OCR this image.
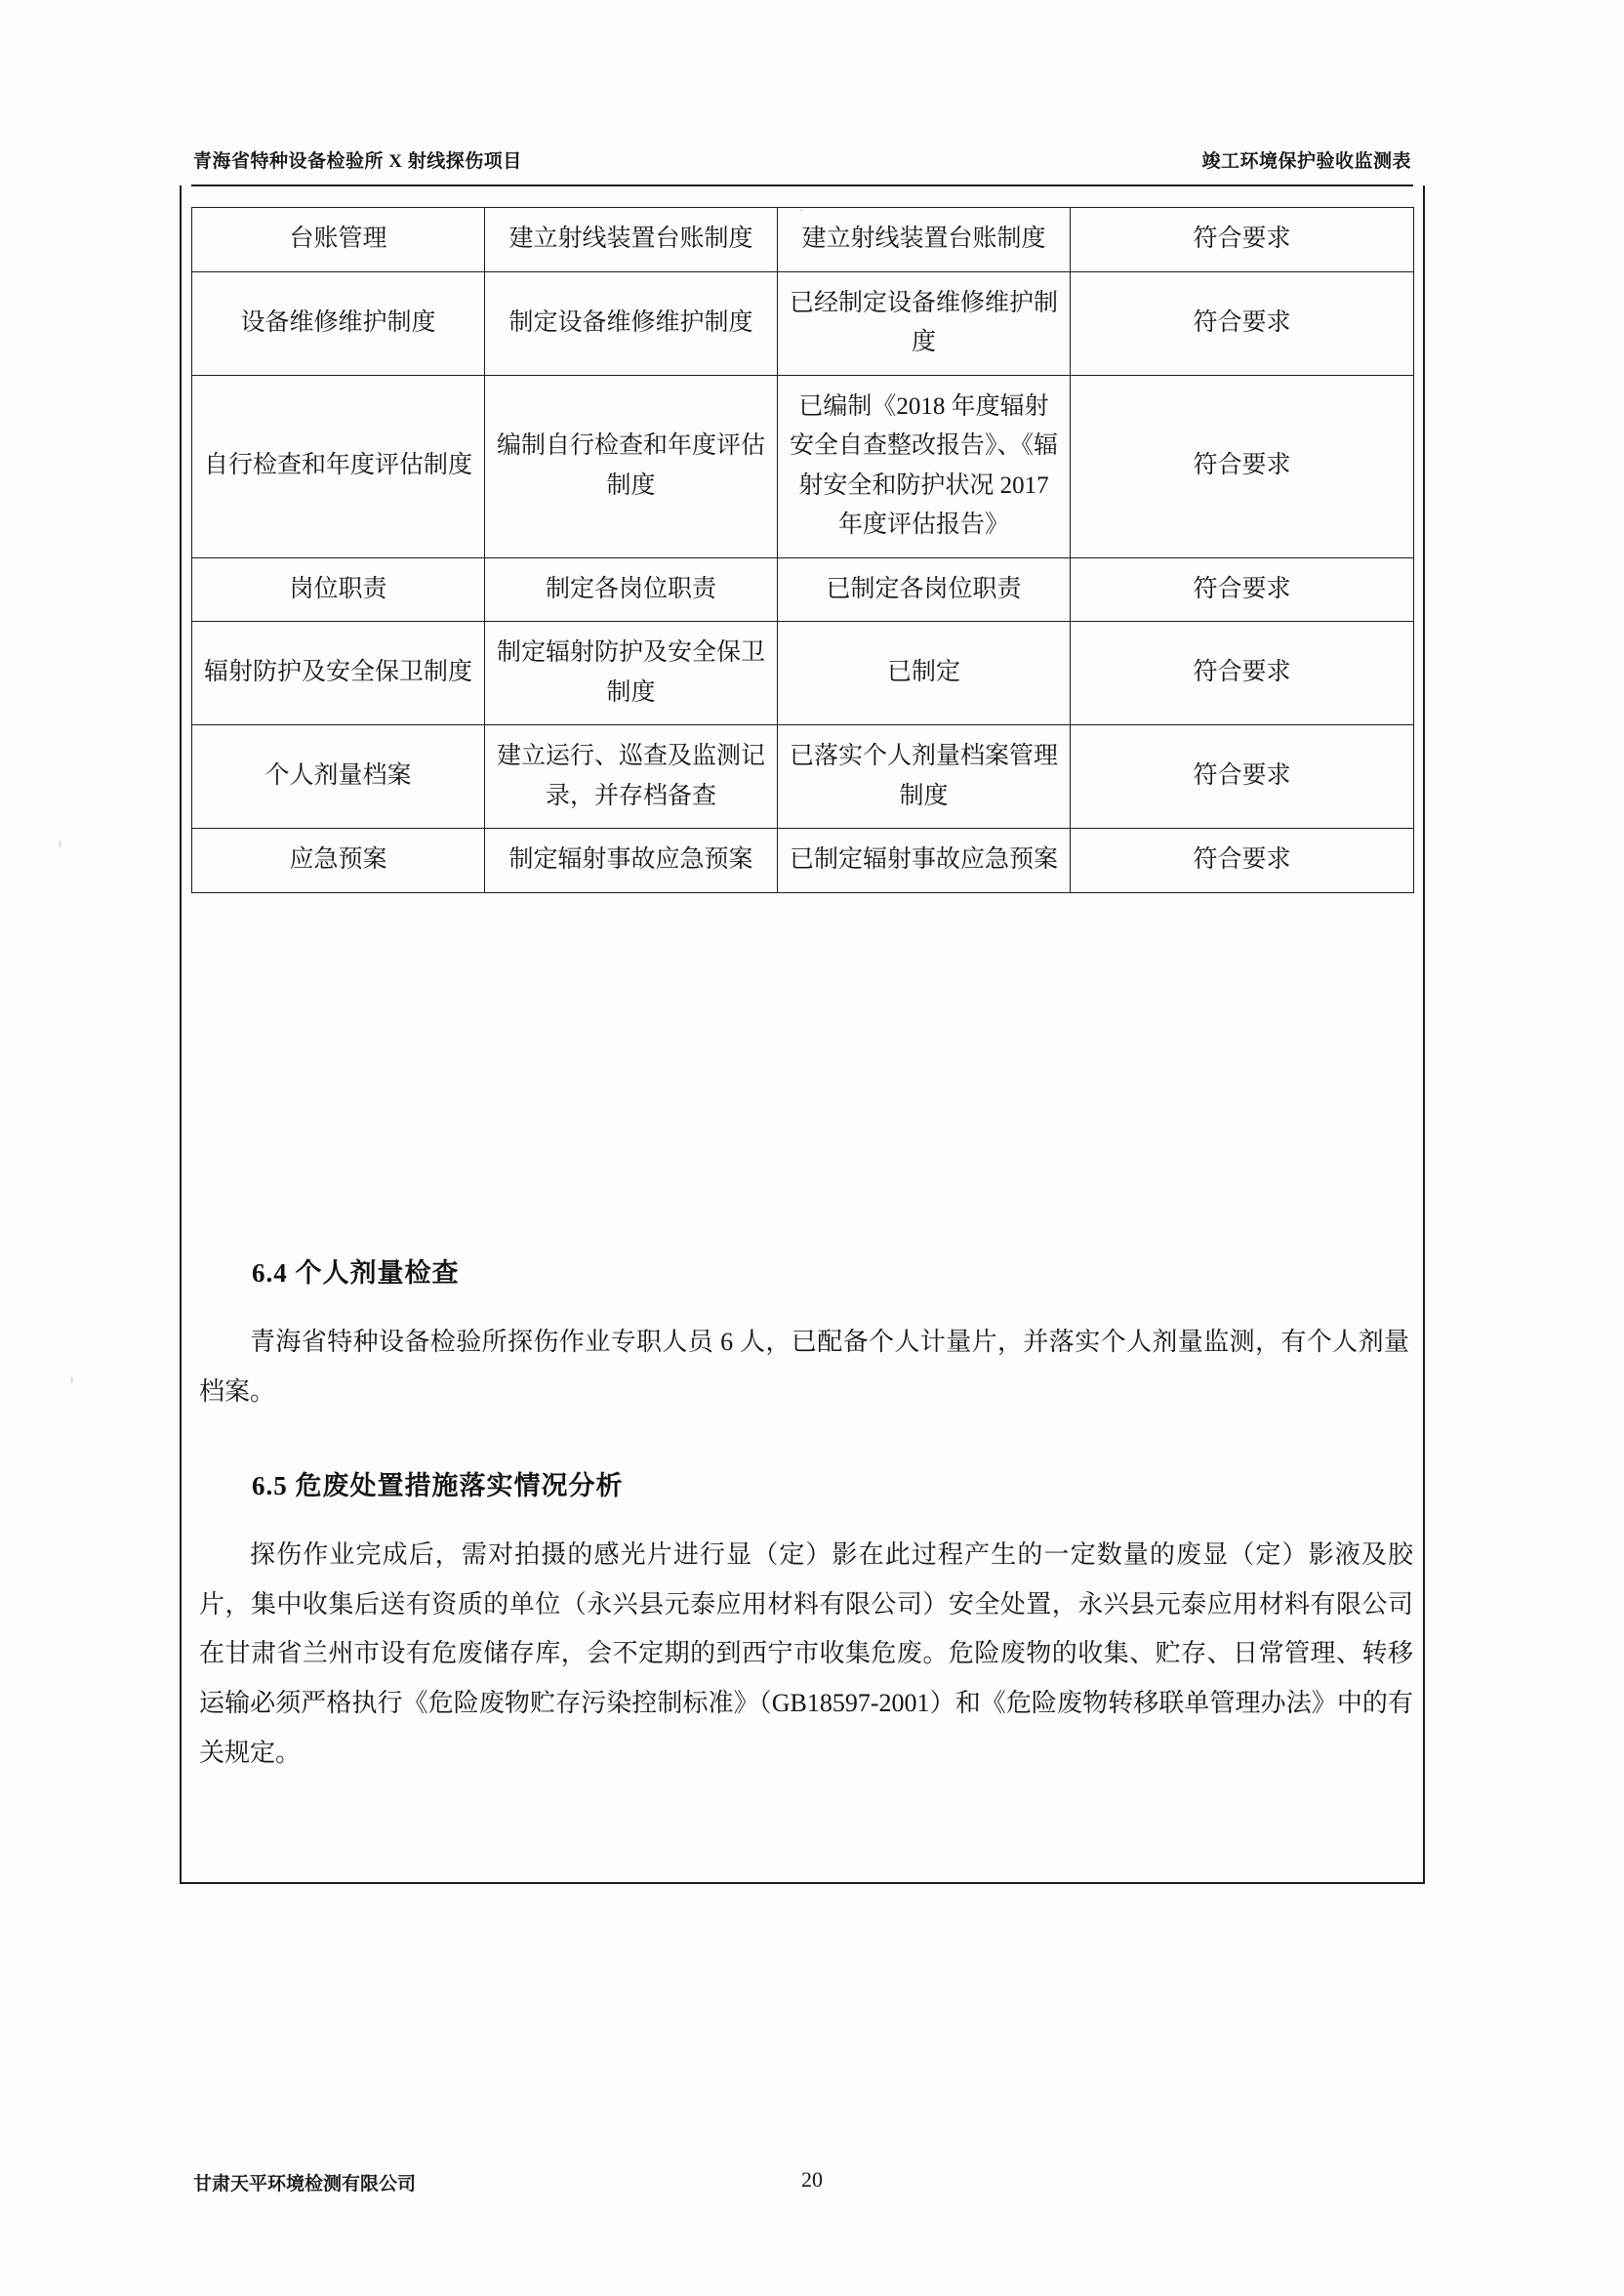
青海省特种设备检验所 X 射线探伤项目	竣工环境保护验收监测表
台账管理	建立射线装置台账制度	建立射线装置台账制度	符合要求
设备维修维护制度	制定设备维修维护制度	已经制定设备维修维护制度	符合要求
自行检查和年度评估制度	编制自行检查和年度评估制度	已编制《2018 年度辐射安全自查整改报告》、《辐射安全和防护状况 2017 年度评估报告》	符合要求
岗位职责	制定各岗位职责	已制定各岗位职责	符合要求
辐射防护及安全保卫制度	制定辐射防护及安全保卫制度	已制定	符合要求
个人剂量档案	建立运行、巡查及监测记录，并存档备查	已落实个人剂量档案管理制度	符合要求
应急预案	制定辐射事故应急预案	已制定辐射事故应急预案	符合要求
6.4 个人剂量检查
青海省特种设备检验所探伤作业专职人员 6 人，已配备个人计量片，并落实个人剂量监测，有个人剂量档案。
6.5 危废处置措施落实情况分析
探伤作业完成后，需对拍摄的感光片进行显（定）影在此过程产生的一定数量的废显（定）影液及胶片，集中收集后送有资质的单位（永兴县元泰应用材料有限公司）安全处置，永兴县元泰应用材料有限公司在甘肃省兰州市设有危废储存库，会不定期的到西宁市收集危废。危险废物的收集、贮存、日常管理、转移运输必须严格执行《危险废物贮存污染控制标准》（GB18597-2001）和《危险废物转移联单管理办法》中的有关规定。
甘肃天平环境检测有限公司	20
